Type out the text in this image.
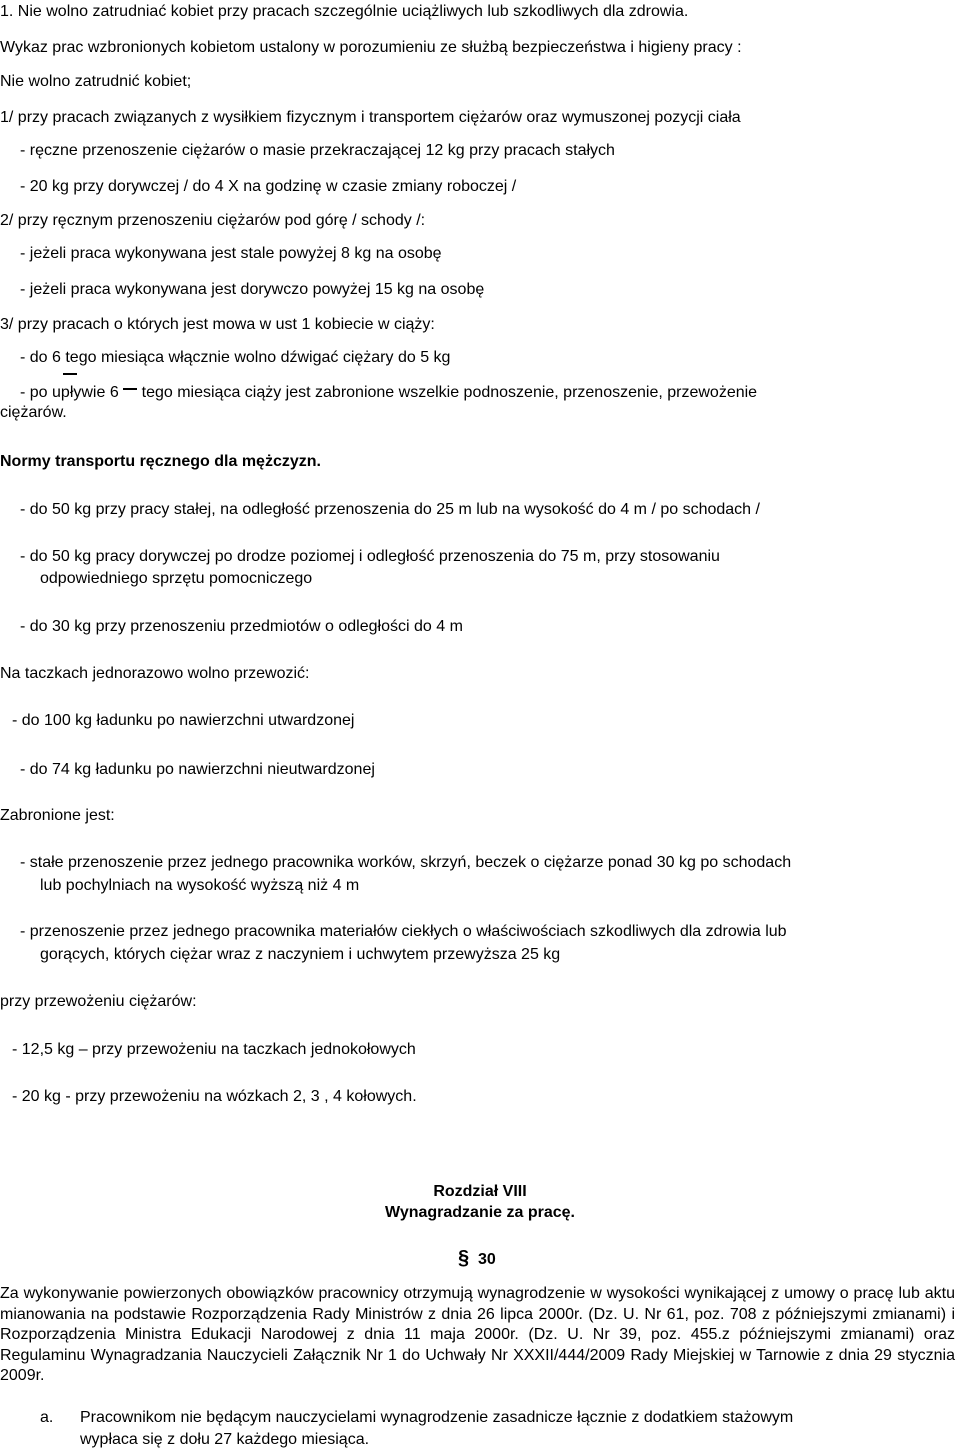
1. Nie wolno zatrudniać kobiet przy pracach szczególnie uciążliwych lub szkodliwych dla zdrowia.
Wykaz prac wzbronionych kobietom ustalony w porozumieniu ze służbą bezpieczeństwa i higieny pracy :
Nie wolno zatrudnić kobiet;
1/ przy pracach związanych z wysiłkiem fizycznym i transportem ciężarów oraz wymuszonej pozycji ciała
- ręczne przenoszenie ciężarów o masie przekraczającej 12 kg przy pracach stałych
- 20 kg przy dorywczej / do 4 X na godzinę w czasie zmiany roboczej /
2/ przy ręcznym przenoszeniu ciężarów pod górę / schody /:
- jeżeli praca wykonywana jest stale powyżej 8 kg na osobę
- jeżeli praca wykonywana jest dorywczo powyżej 15 kg na osobę
3/ przy pracach o których jest mowa w ust 1 kobiecie w ciąży:
- do 6
tego miesiąca włącznie wolno dźwigać ciężary do 5 kg
- po upływie 6
tego miesiąca ciąży jest zabronione wszelkie podnoszenie, przenoszenie, przewożenie
ciężarów.
Normy transportu ręcznego dla mężczyzn.
- do 50 kg przy pracy stałej, na odległość przenoszenia do 25 m lub na wysokość do 4 m / po schodach /
- do 50 kg pracy dorywczej po drodze poziomej i odległość przenoszenia do 75 m, przy stosowaniu
odpowiedniego sprzętu pomocniczego
- do 30 kg przy przenoszeniu przedmiotów o odległości do 4 m
Na taczkach jednorazowo wolno przewozić:
- do 100 kg ładunku po nawierzchni utwardzonej
- do 74 kg ładunku po nawierzchni nieutwardzonej
Zabronione jest:
- stałe przenoszenie przez jednego pracownika worków, skrzyń, beczek o ciężarze ponad 30 kg po schodach
lub pochylniach na wysokość wyższą niż 4 m
- przenoszenie przez jednego pracownika materiałów ciekłych o właściwościach szkodliwych dla zdrowia lub
gorących, których ciężar wraz z naczyniem i uchwytem przewyższa 25 kg
przy przewożeniu ciężarów:
- 12,5 kg – przy przewożeniu na taczkach jednokołowych
- 20 kg - przy przewożeniu na wózkach 2, 3 , 4 kołowych.
Rozdział VIII
Wynagradzanie za pracę.
§ 30
Za wykonywanie powierzonych obowiązków pracownicy otrzymują wynagrodzenie w wysokości wynikającej z umowy o pracę lub aktu mianowania na podstawie Rozporządzenia Rady Ministrów z dnia 26 lipca 2000r. (Dz. U. Nr 61, poz. 708 z późniejszymi zmianami) i Rozporządzenia Ministra Edukacji Narodowej z dnia 11 maja 2000r. (Dz. U. Nr 39, poz. 455.z późniejszymi zmianami) oraz Regulaminu Wynagradzania Nauczycieli Załącznik Nr 1 do Uchwały Nr XXXII/444/2009 Rady Miejskiej w Tarnowie z dnia 29 stycznia 2009r.
a. Pracownikom nie będącym nauczycielami wynagrodzenie zasadnicze łącznie z dodatkiem stażowym
wypłaca się z dołu 27 każdego miesiąca.
